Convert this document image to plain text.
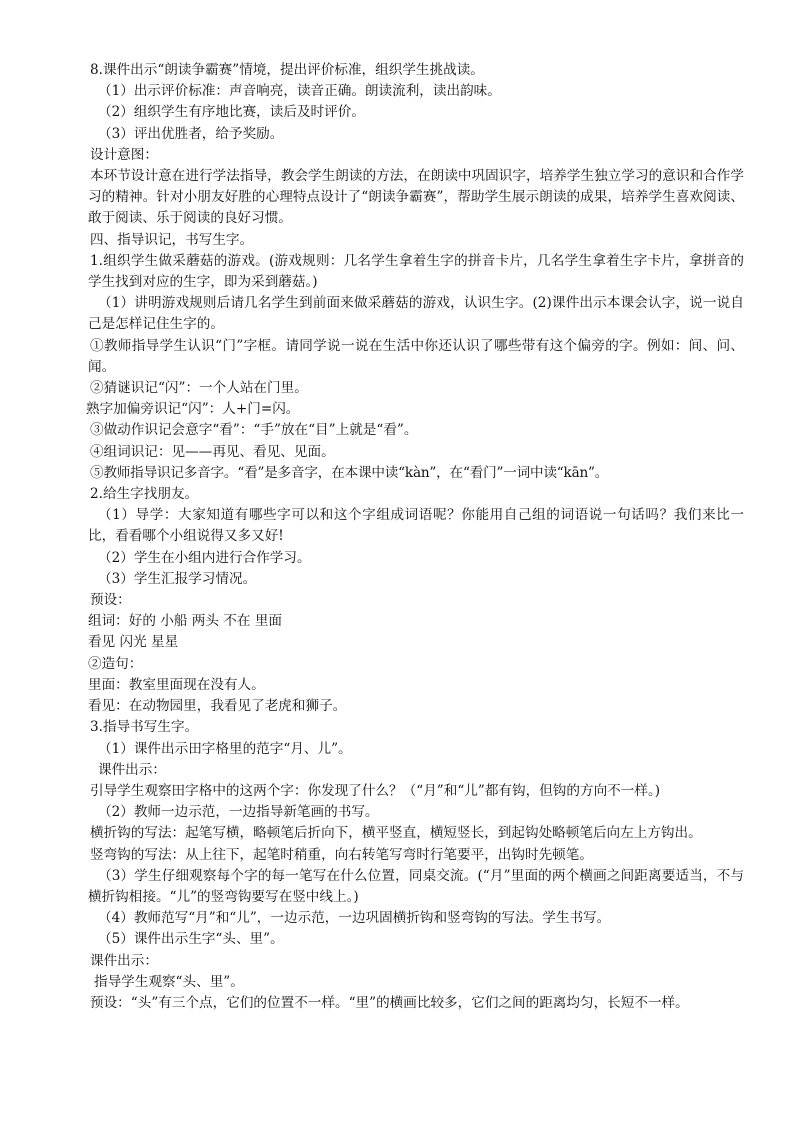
8.课件出示“朗读争霸赛”情境，提出评价标准，组织学生挑战读。

（1）出示评价标准：声音响亮，读音正确。朗读流利，读出韵味。

（2）组织学生有序地比赛，读后及时评价。

（3）评出优胜者，给予奖励。

设计意图：

本环节设计意在进行学法指导，教会学生朗读的方法，在朗读中巩固识字，培养学生独立学习的意识和合作学习的精神。针对小朋友好胜的心理特点设计了“朗读争霸赛”，帮助学生展示朗读的成果，培养学生喜欢阅读、敢于阅读、乐于阅读的良好习惯。

四、指导识记，书写生字。

1.组织学生做采蘑菇的游戏。(游戏规则：几名学生拿着生字的拼音卡片，几名学生拿着生字卡片，拿拼音的学生找到对应的生字，即为采到蘑菇。)

（1）讲明游戏规则后请几名学生到前面来做采蘑菇的游戏，认识生字。(2)课件出示本课会认字，说一说自己是怎样记住生字的。

①教师指导学生认识“门”字框。请同学说一说在生活中你还认识了哪些带有这个偏旁的字。例如：间、问、闻。

②猜谜识记“闪”：一个人站在门里。

熟字加偏旁识记“闪”：人+门=闪。

③做动作识记会意字“看”：“手”放在“目”上就是“看”。

④组词识记：见——再见、看见、见面。

⑤教师指导识记多音字。“看”是多音字，在本课中读“kàn”，在“看门”一词中读“kān”。

2.给生字找朋友。

（1）导学：大家知道有哪些字可以和这个字组成词语呢？你能用自己组的词语说一句话吗？我们来比一比，看看哪个小组说得又多又好!

（2）学生在小组内进行合作学习。

（3）学生汇报学习情况。

预设：

组词：好的 小船 两头 不在 里面

看见 闪光 星星

②造句：

里面：教室里面现在没有人。

看见：在动物园里，我看见了老虎和狮子。

3.指导书写生字。

（1）课件出示田字格里的范字“月、儿”。

课件出示：

引导学生观察田字格中的这两个字：你发现了什么？（“月”和“儿”都有钩，但钩的方向不一样。)

（2）教师一边示范，一边指导新笔画的书写。

横折钩的写法：起笔写横，略顿笔后折向下，横平竖直，横短竖长，到起钩处略顿笔后向左上方钩出。

竖弯钩的写法：从上往下，起笔时稍重，向右转笔写弯时行笔要平，出钩时先顿笔。

（3）学生仔细观察每个字的每一笔写在什么位置，同桌交流。(“月”里面的两个横画之间距离要适当，不与横折钩相接。“儿”的竖弯钩要写在竖中线上。)

（4）教师范写“月”和“儿”，一边示范，一边巩固横折钩和竖弯钩的写法。学生书写。

（5）课件出示生字“头、里”。

课件出示：

指导学生观察“头、里”。

预设：“头”有三个点，它们的位置不一样。“里”的横画比较多，它们之间的距离均匀，长短不一样。
